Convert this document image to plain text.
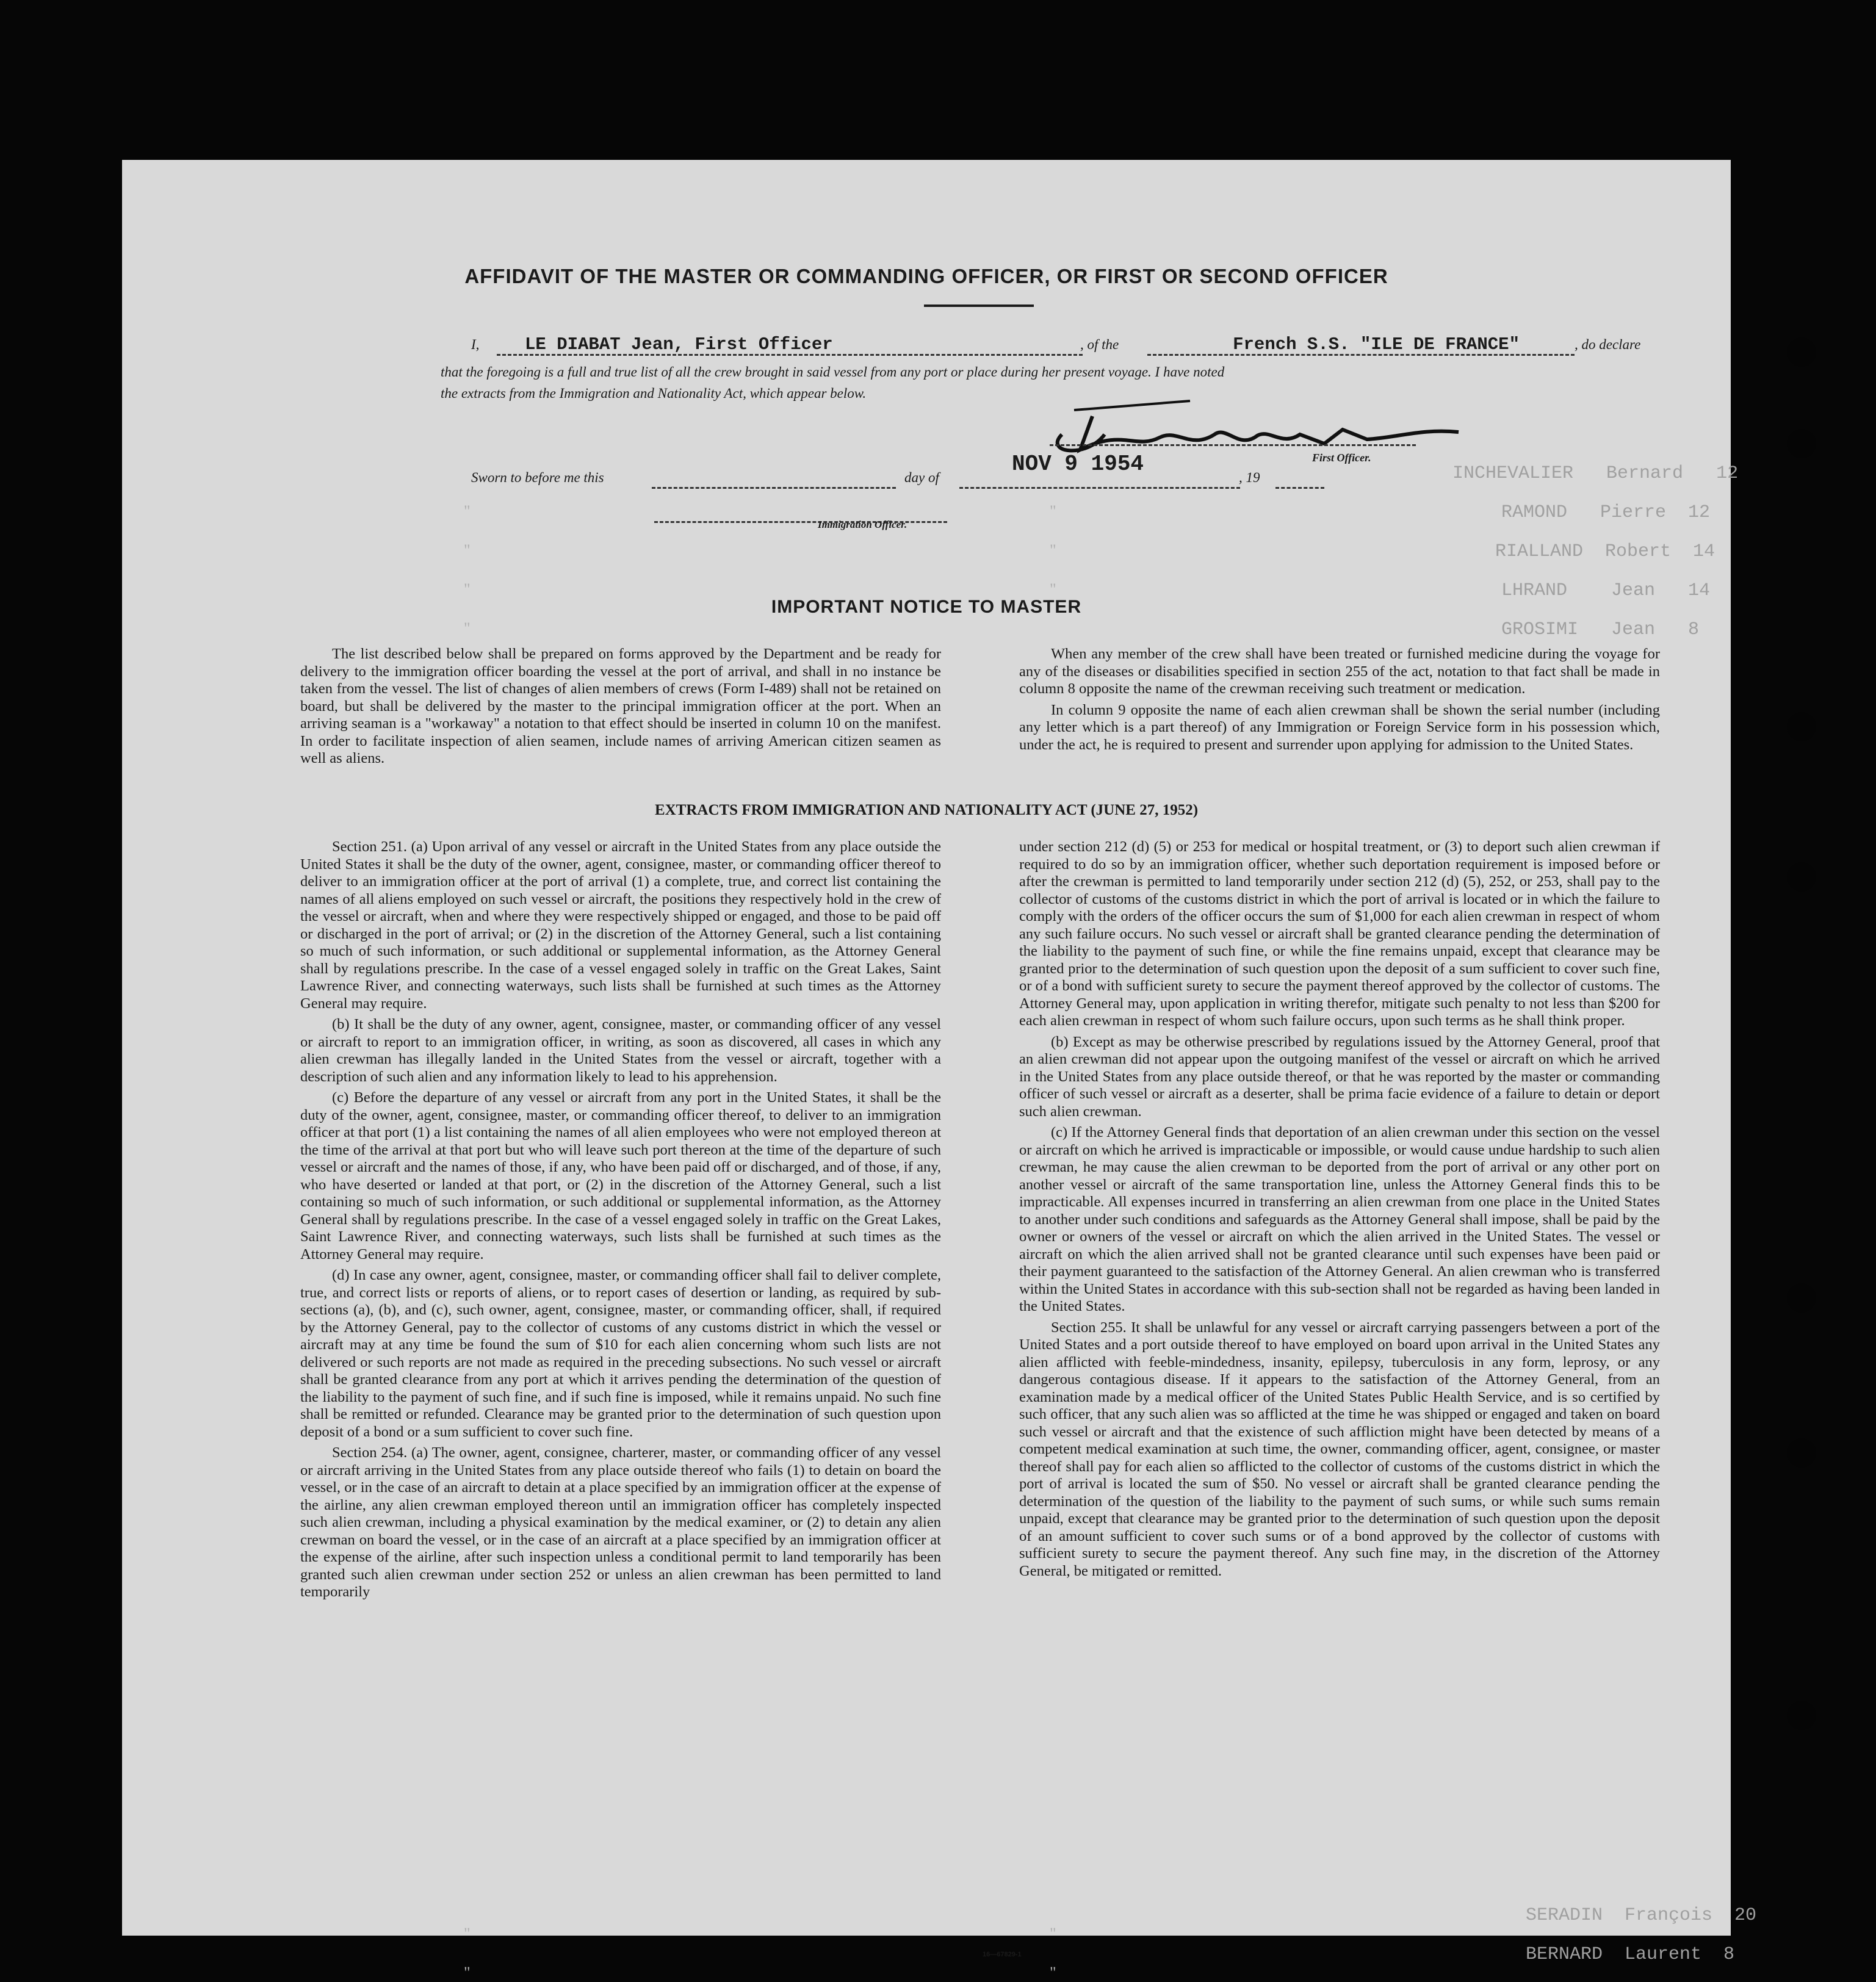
INCHEVALIER   Bernard   12
RAMOND   Pierre  12
RIALLAND  Robert  14
LHRAND    Jean   14
GROSIMI   Jean   8
SERADIN  François  20
BERNARD  Laurent  8
AFFIDAVIT OF THE MASTER OR COMMANDING OFFICER, OR FIRST OR SECOND OFFICER
I,	LE DIABAT Jean, First Officer	, of the	French S.S. "ILE DE FRANCE"	, do declare
that the foregoing is a full and true list of all the crew brought in said vessel from any port or place during her present voyage. I have noted
the extracts from the Immigration and Nationality Act, which appear below.
First Officer.
Sworn to before me this	day of
NOV 9 1954
, 19
Immigration Officer.
"
"
"
"
"
"
"
"
"
"
"
IMPORTANT NOTICE TO MASTER

The list described below shall be prepared on forms approved by the Department and be ready for delivery to the immigration officer boarding the vessel at the port of arrival, and shall in no instance be taken from the vessel. The list of changes of alien members of crews (Form I-489) shall not be retained on board, but shall be delivered by the master to the principal immigration officer at the port. When an arriving seaman is a "workaway" a notation to that effect should be inserted in column 10 on the manifest. In order to facilitate inspection of alien seamen, include names of arriving American citizen seamen as well as aliens.

When any member of the crew shall have been treated or furnished medicine during the voyage for any of the diseases or disabilities specified in section 255 of the act, notation to that fact shall be made in column 8 opposite the name of the crewman receiving such treatment or medication.

In column 9 opposite the name of each alien crewman shall be shown the serial number (including any letter which is a part thereof) of any Immigration or Foreign Service form in his possession which, under the act, he is required to present and surrender upon applying for admission to the United States.

EXTRACTS FROM IMMIGRATION AND NATIONALITY ACT (JUNE 27, 1952)

Section 251. (a) Upon arrival of any vessel or aircraft in the United States from any place outside the United States it shall be the duty of the owner, agent, consignee, master, or commanding officer thereof to deliver to an immigration officer at the port of arrival (1) a complete, true, and correct list containing the names of all aliens employed on such vessel or aircraft, the positions they respectively hold in the crew of the vessel or aircraft, when and where they were respectively shipped or engaged, and those to be paid off or discharged in the port of arrival; or (2) in the discretion of the Attorney General, such a list containing so much of such information, or such additional or supplemental information, as the Attorney General shall by regulations prescribe. In the case of a vessel engaged solely in traffic on the Great Lakes, Saint Lawrence River, and connecting waterways, such lists shall be furnished at such times as the Attorney General may require.

(b) It shall be the duty of any owner, agent, consignee, master, or commanding officer of any vessel or aircraft to report to an immigration officer, in writing, as soon as discovered, all cases in which any alien crewman has illegally landed in the United States from the vessel or aircraft, together with a description of such alien and any information likely to lead to his apprehension.

(c) Before the departure of any vessel or aircraft from any port in the United States, it shall be the duty of the owner, agent, consignee, master, or commanding officer thereof, to deliver to an immigration officer at that port (1) a list containing the names of all alien employees who were not employed thereon at the time of the arrival at that port but who will leave such port thereon at the time of the departure of such vessel or aircraft and the names of those, if any, who have been paid off or discharged, and of those, if any, who have deserted or landed at that port, or (2) in the discretion of the Attorney General, such a list containing so much of such information, or such additional or supplemental information, as the Attorney General shall by regulations prescribe. In the case of a vessel engaged solely in traffic on the Great Lakes, Saint Lawrence River, and connecting waterways, such lists shall be furnished at such times as the Attorney General may require.

(d) In case any owner, agent, consignee, master, or commanding officer shall fail to deliver complete, true, and correct lists or reports of aliens, or to report cases of desertion or landing, as required by sub-sections (a), (b), and (c), such owner, agent, consignee, master, or commanding officer, shall, if required by the Attorney General, pay to the collector of customs of any customs district in which the vessel or aircraft may at any time be found the sum of $10 for each alien concerning whom such lists are not delivered or such reports are not made as required in the preceding subsections. No such vessel or aircraft shall be granted clearance from any port at which it arrives pending the determination of the question of the liability to the payment of such fine, and if such fine is imposed, while it remains unpaid. No such fine shall be remitted or refunded. Clearance may be granted prior to the determination of such question upon deposit of a bond or a sum sufficient to cover such fine.

Section 254. (a) The owner, agent, consignee, charterer, master, or commanding officer of any vessel or aircraft arriving in the United States from any place outside thereof who fails (1) to detain on board the vessel, or in the case of an aircraft to detain at a place specified by an immigration officer at the expense of the airline, any alien crewman employed thereon until an immigration officer has completely inspected such alien crewman, including a physical examination by the medical examiner, or (2) to detain any alien crewman on board the vessel, or in the case of an aircraft at a place specified by an immigration officer at the expense of the airline, after such inspection unless a conditional permit to land temporarily has been granted such alien crewman under section 252 or unless an alien crewman has been permitted to land temporarily

under section 212 (d) (5) or 253 for medical or hospital treatment, or (3) to deport such alien crewman if required to do so by an immigration officer, whether such deportation requirement is imposed before or after the crewman is permitted to land temporarily under section 212 (d) (5), 252, or 253, shall pay to the collector of customs of the customs district in which the port of arrival is located or in which the failure to comply with the orders of the officer occurs the sum of $1,000 for each alien crewman in respect of whom any such failure occurs. No such vessel or aircraft shall be granted clearance pending the determination of the liability to the payment of such fine, or while the fine remains unpaid, except that clearance may be granted prior to the determination of such question upon the deposit of a sum sufficient to cover such fine, or of a bond with sufficient surety to secure the payment thereof approved by the collector of customs. The Attorney General may, upon application in writing therefor, mitigate such penalty to not less than $200 for each alien crewman in respect of whom such failure occurs, upon such terms as he shall think proper.

(b) Except as may be otherwise prescribed by regulations issued by the Attorney General, proof that an alien crewman did not appear upon the outgoing manifest of the vessel or aircraft on which he arrived in the United States from any place outside thereof, or that he was reported by the master or commanding officer of such vessel or aircraft as a deserter, shall be prima facie evidence of a failure to detain or deport such alien crewman.

(c) If the Attorney General finds that deportation of an alien crewman under this section on the vessel or aircraft on which he arrived is impracticable or impossible, or would cause undue hardship to such alien crewman, he may cause the alien crewman to be deported from the port of arrival or any other port on another vessel or aircraft of the same transportation line, unless the Attorney General finds this to be impracticable. All expenses incurred in transferring an alien crewman from one place in the United States to another under such conditions and safeguards as the Attorney General shall impose, shall be paid by the owner or owners of the vessel or aircraft on which the alien arrived in the United States. The vessel or aircraft on which the alien arrived shall not be granted clearance until such expenses have been paid or their payment guaranteed to the satisfaction of the Attorney General. An alien crewman who is transferred within the United States in accordance with this sub-section shall not be regarded as having been landed in the United States.

Section 255. It shall be unlawful for any vessel or aircraft carrying passengers between a port of the United States and a port outside thereof to have employed on board upon arrival in the United States any alien afflicted with feeble-mindedness, insanity, epilepsy, tuberculosis in any form, leprosy, or any dangerous contagious disease. If it appears to the satisfaction of the Attorney General, from an examination made by a medical officer of the United States Public Health Service, and is so certified by such officer, that any such alien was so afflicted at the time he was shipped or engaged and taken on board such vessel or aircraft and that the existence of such affliction might have been detected by means of a competent medical examination at such time, the owner, commanding officer, agent, consignee, or master thereof shall pay for each alien so afflicted to the collector of customs of the customs district in which the port of arrival is located the sum of $50. No vessel or aircraft shall be granted clearance pending the determination of the question of the liability to the payment of such sums, or while such sums remain unpaid, except that clearance may be granted prior to the determination of such question upon the deposit of an amount sufficient to cover such sums or of a bond approved by the collector of customs with sufficient surety to secure the payment thereof. Any such fine may, in the discretion of the Attorney General, be mitigated or remitted.

16—67829-1
